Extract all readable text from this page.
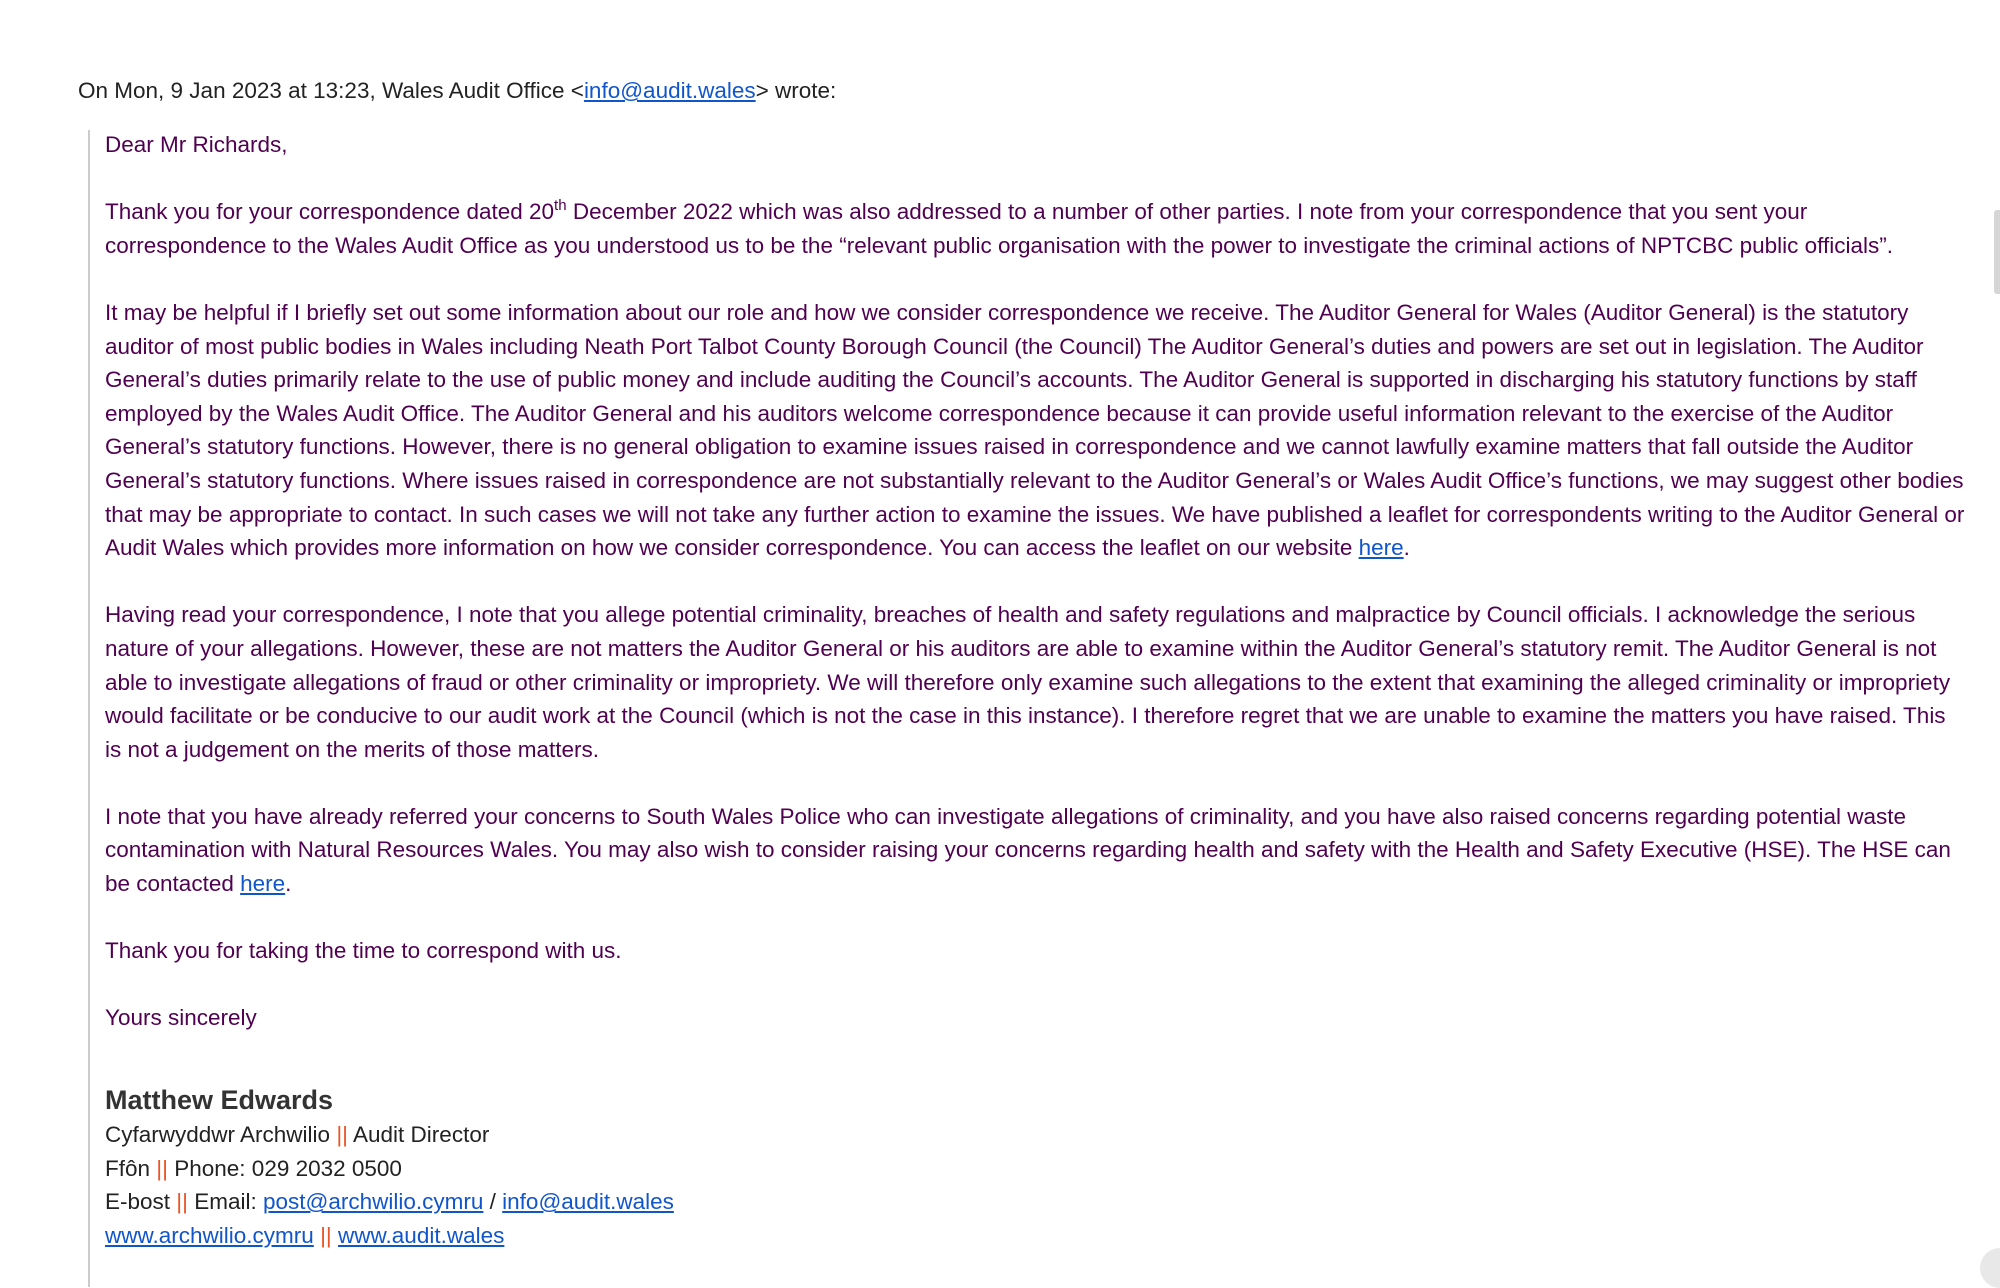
On Mon, 9 Jan 2023 at 13:23, Wales Audit Office <info@audit.wales> wrote:

Dear Mr Richards,

Thank you for your correspondence dated 20th December 2022 which was also addressed to a number of other parties. I note from your correspondence that you sent your correspondence to the Wales Audit Office as you understood us to be the “relevant public organisation with the power to investigate the criminal actions of NPTCBC public officials”.

It may be helpful if I briefly set out some information about our role and how we consider correspondence we receive. The Auditor General for Wales (Auditor General) is the statutory auditor of most public bodies in Wales including Neath Port Talbot County Borough Council (the Council) The Auditor General’s duties and powers are set out in legislation. The Auditor General’s duties primarily relate to the use of public money and include auditing the Council’s accounts. The Auditor General is supported in discharging his statutory functions by staff employed by the Wales Audit Office. The Auditor General and his auditors welcome correspondence because it can provide useful information relevant to the exercise of the Auditor General’s statutory functions. However, there is no general obligation to examine issues raised in correspondence and we cannot lawfully examine matters that fall outside the Auditor General’s statutory functions. Where issues raised in correspondence are not substantially relevant to the Auditor General’s or Wales Audit Office’s functions, we may suggest other bodies that may be appropriate to contact. In such cases we will not take any further action to examine the issues. We have published a leaflet for correspondents writing to the Auditor General or Audit Wales which provides more information on how we consider correspondence. You can access the leaflet on our website here.

Having read your correspondence, I note that you allege potential criminality, breaches of health and safety regulations and malpractice by Council officials. I acknowledge the serious nature of your allegations. However, these are not matters the Auditor General or his auditors are able to examine within the Auditor General’s statutory remit. The Auditor General is not able to investigate allegations of fraud or other criminality or impropriety. We will therefore only examine such allegations to the extent that examining the alleged criminality or impropriety would facilitate or be conducive to our audit work at the Council (which is not the case in this instance). I therefore regret that we are unable to examine the matters you have raised. This is not a judgement on the merits of those matters.

I note that you have already referred your concerns to South Wales Police who can investigate allegations of criminality, and you have also raised concerns regarding potential waste contamination with Natural Resources Wales. You may also wish to consider raising your concerns regarding health and safety with the Health and Safety Executive (HSE). The HSE can be contacted here.

Thank you for taking the time to correspond with us.

Yours sincerely

Matthew Edwards
Cyfarwyddwr Archwilio || Audit Director
Ffôn || Phone: 029 2032 0500
E-bost || Email: post@archwilio.cymru / info@audit.wales
www.archwilio.cymru || www.audit.wales
